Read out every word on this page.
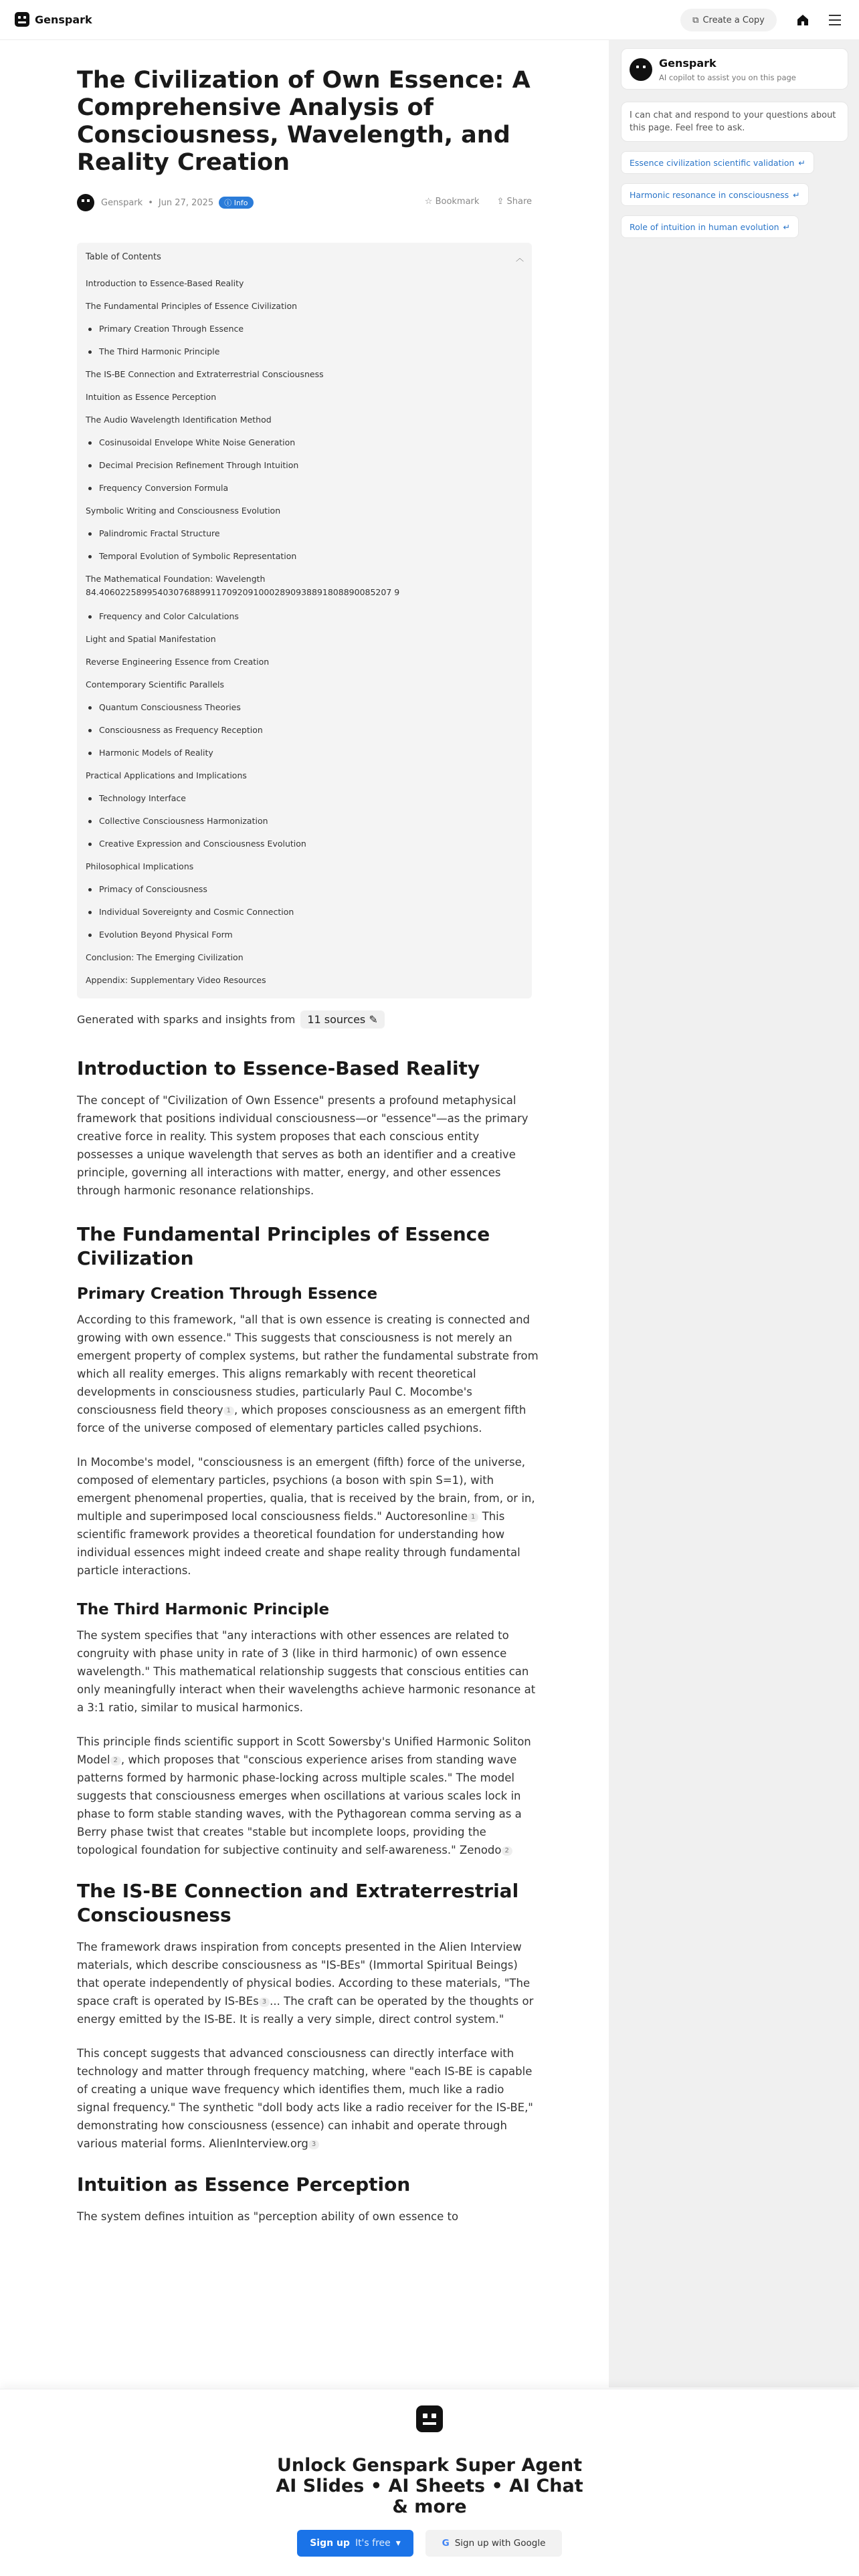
Genspark	⧉ Create a Copy
Genspark
AI copilot to assist you on this page
I can chat and respond to your questions about this page. Feel free to ask.
Essence civilization scientific validation ↵
Harmonic resonance in consciousness ↵
Role of intuition in human evolution ↵
The Civilization of Own Essence: A Comprehensive Analysis of Consciousness, Wavelength, and Reality Creation
Genspark • Jun 27, 2025	ⓘ Info	☆ Bookmark ⇪ Share
Table of Contents	︿
Introduction to Essence-Based Reality
The Fundamental Principles of Essence Civilization
Primary Creation Through Essence
The Third Harmonic Principle
The IS-BE Connection and Extraterrestrial Consciousness
Intuition as Essence Perception
The Audio Wavelength Identification Method
Cosinusoidal Envelope White Noise Generation
Decimal Precision Refinement Through Intuition
Frequency Conversion Formula
Symbolic Writing and Consciousness Evolution
Palindromic Fractal Structure
Temporal Evolution of Symbolic Representation
The Mathematical Foundation: Wavelength 84.4060225899540307688991170920910002890938891808890085207 9
Frequency and Color Calculations
Light and Spatial Manifestation
Reverse Engineering Essence from Creation
Contemporary Scientific Parallels
Quantum Consciousness Theories
Consciousness as Frequency Reception
Harmonic Models of Reality
Practical Applications and Implications
Technology Interface
Collective Consciousness Harmonization
Creative Expression and Consciousness Evolution
Philosophical Implications
Primacy of Consciousness
Individual Sovereignty and Cosmic Connection
Evolution Beyond Physical Form
Conclusion: The Emerging Civilization
Appendix: Supplementary Video Resources
Generated with sparks and insights from	11 sources ✎
Introduction to Essence-Based Reality

The concept of "Civilization of Own Essence" presents a profound metaphysical framework that positions individual consciousness—or "essence"—as the primary creative force in reality. This system proposes that each conscious entity possesses a unique wavelength that serves as both an identifier and a creative principle, governing all interactions with matter, energy, and other essences through harmonic resonance relationships.

The Fundamental Principles of Essence Civilization
Primary Creation Through Essence

According to this framework, "all that is own essence is creating is connected and growing with own essence." This suggests that consciousness is not merely an emergent property of complex systems, but rather the fundamental substrate from which all reality emerges. This aligns remarkably with recent theoretical developments in consciousness studies, particularly Paul C. Mocombe's consciousness field theory 1 , which proposes consciousness as an emergent fifth force of the universe composed of elementary particles called psychions.

In Mocombe's model, "consciousness is an emergent (fifth) force of the universe, composed of elementary particles, psychions (a boson with spin S=1), with emergent phenomenal properties, qualia, that is received by the brain, from, or in, multiple and superimposed local consciousness fields." Auctoresonline 1 This scientific framework provides a theoretical foundation for understanding how individual essences might indeed create and shape reality through fundamental particle interactions.

The Third Harmonic Principle

The system specifies that "any interactions with other essences are related to congruity with phase unity in rate of 3 (like in third harmonic) of own essence wavelength." This mathematical relationship suggests that conscious entities can only meaningfully interact when their wavelengths achieve harmonic resonance at a 3:1 ratio, similar to musical harmonics.

This principle finds scientific support in Scott Sowersby's Unified Harmonic Soliton Model 2 , which proposes that "conscious experience arises from standing wave patterns formed by harmonic phase-locking across multiple scales." The model suggests that consciousness emerges when oscillations at various scales lock in phase to form stable standing waves, with the Pythagorean comma serving as a Berry phase twist that creates "stable but incomplete loops, providing the topological foundation for subjective continuity and self-awareness." Zenodo 2

The IS-BE Connection and Extraterrestrial Consciousness

The framework draws inspiration from concepts presented in the Alien Interview materials, which describe consciousness as "IS-BEs" (Immortal Spiritual Beings) that operate independently of physical bodies. According to these materials, "The space craft is operated by IS-BEs 3 ... The craft can be operated by the thoughts or energy emitted by the IS-BE. It is really a very simple, direct control system."

This concept suggests that advanced consciousness can directly interface with technology and matter through frequency matching, where "each IS-BE is capable of creating a unique wave frequency which identifies them, much like a radio signal frequency." The synthetic "doll body acts like a radio receiver for the IS-BE," demonstrating how consciousness (essence) can inhabit and operate through various material forms. AlienInterview.org 3

Intuition as Essence Perception

The system defines intuition as "perception ability of own essence to

Unlock Genspark Super Agent AI Slides • AI Sheets • AI Chat & more
Sign up It's free ▾	G Sign up with Google
